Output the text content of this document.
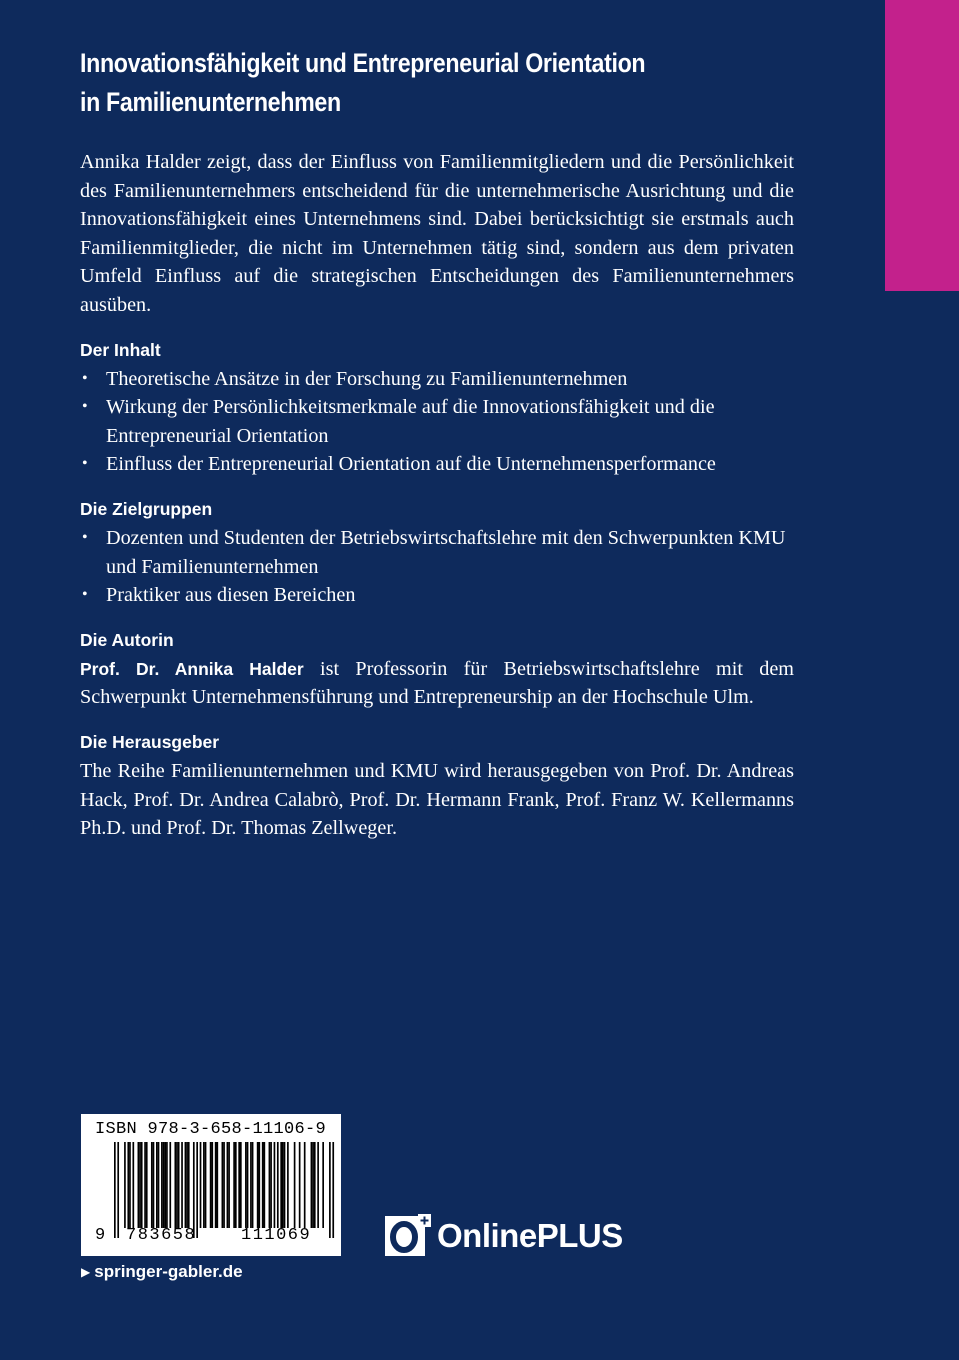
Innovationsfähigkeit und Entrepreneurial Orientation
in Familienunternehmen

Annika Halder zeigt, dass der Einfluss von Familienmitgliedern und die Persönlichkeit des Familienunternehmers entscheidend für die unternehmerische Ausrichtung und die Innovationsfähigkeit eines Unternehmens sind. Dabei berücksichtigt sie erstmals auch Familienmitglieder, die nicht im Unternehmen tätig sind, sondern aus dem privaten Umfeld Einfluss auf die strategischen Entscheidungen des Familienunternehmers ausüben.

Der Inhalt
• Theoretische Ansätze in der Forschung zu Familienunternehmen
• Wirkung der Persönlichkeitsmerkmale auf die Innovationsfähigkeit und die Entrepreneurial Orientation
• Einfluss der Entrepreneurial Orientation auf die Unternehmensperformance
Die Zielgruppen
• Dozenten und Studenten der Betriebswirtschaftslehre mit den Schwerpunkten KMU und Familienunternehmen
• Praktiker aus diesen Bereichen
Die Autorin

Prof. Dr. Annika Halder ist Professorin für Betriebswirtschaftslehre mit dem Schwerpunkt Unternehmensführung und Entrepreneurship an der Hochschule Ulm.

Die Herausgeber

The Reihe Familienunternehmen und KMU wird herausgegeben von Prof. Dr. Andreas Hack, Prof. Dr. Andrea Calabrò, Prof. Dr. Hermann Frank, Prof. Franz W. Kellermanns Ph.D. und Prof. Dr. Thomas Zellweger.

ISBN 978-3-658-11106-9
9 783658	111069
▶ springer-gabler.de
OnlinePLUS
